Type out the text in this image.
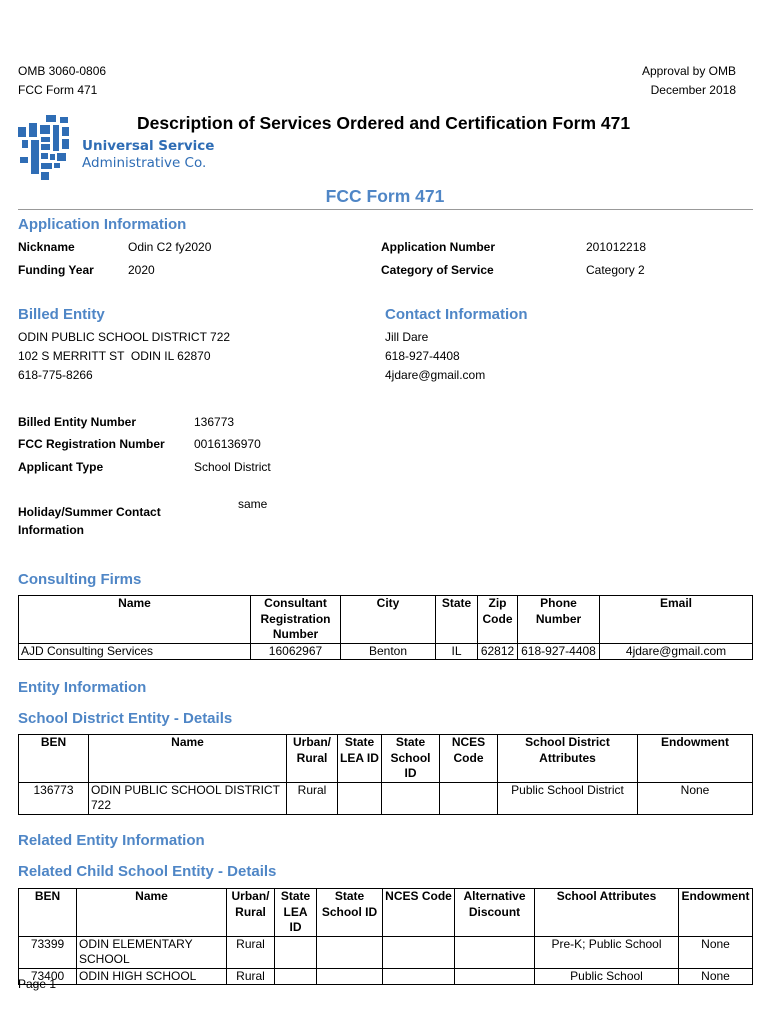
OMB 3060-0806
FCC Form 471
Approval by OMB
December 2018
Universal Service
Administrative Co.
Description of Services Ordered and Certification Form 471
FCC Form 471
Application Information
Nickname	Odin C2 fy2020
Funding Year	2020
Application Number	201012218
Category of Service	Category 2
Billed Entity
ODIN PUBLIC SCHOOL DISTRICT 722
102 S MERRITT ST  ODIN IL 62870
618-775-8266
Contact Information
Jill Dare
618-927-4408
4jdare@gmail.com
Billed Entity Number	136773
FCC Registration Number 0016136970
Applicant Type	School District
Holiday/Summer Contact
Information
same
Consulting Firms
Name	Consultant Registration Number	City	State	Zip Code	Phone Number	Email
AJD Consulting Services	16062967	Benton	IL	62812	618-927-4408	4jdare@gmail.com
Entity Information
School District Entity - Details
BEN	Name	Urban/ Rural	State LEA ID	State School ID	NCES Code	School District Attributes	Endowment
136773	ODIN PUBLIC SCHOOL DISTRICT 722	Rural				Public School District	None
Related Entity Information
Related Child School Entity - Details
BEN	Name	Urban/ Rural	State LEA ID	State School ID	NCES Code	Alternative Discount	School Attributes	Endowment
73399	ODIN ELEMENTARY SCHOOL	Rural					Pre-K; Public School	None
73400	ODIN HIGH SCHOOL	Rural					Public School	None
Page 1
